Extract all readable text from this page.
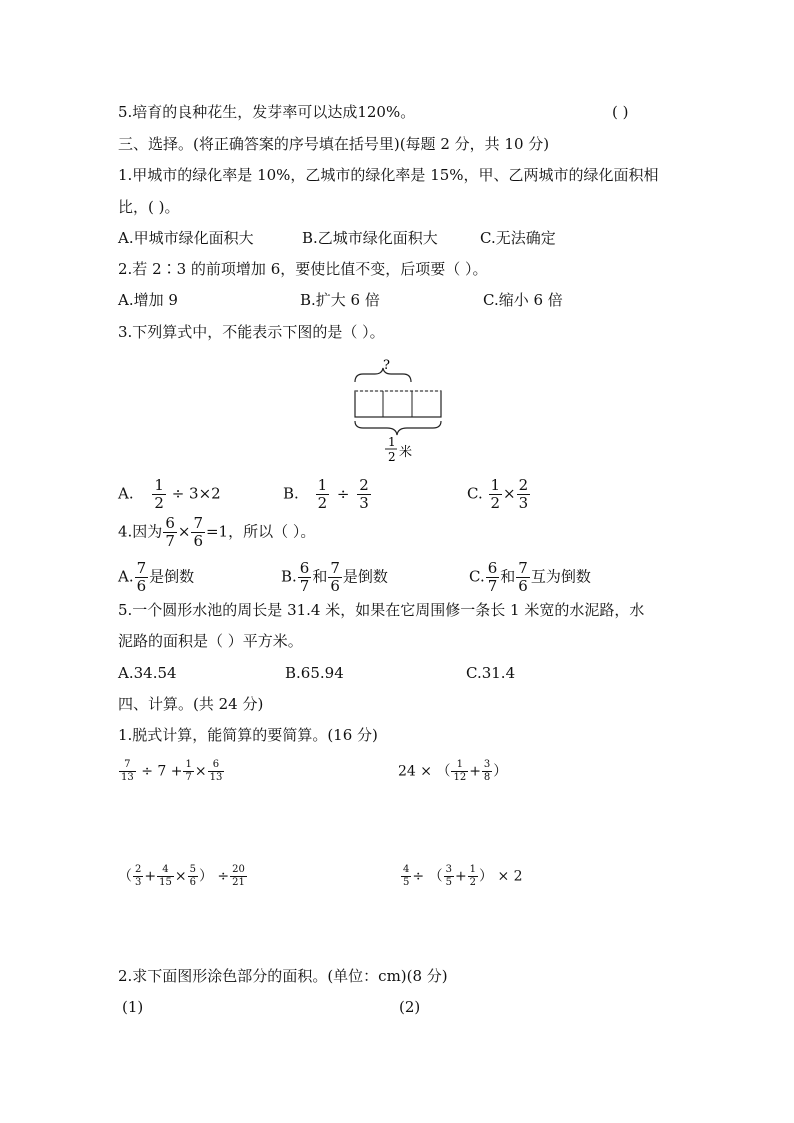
5.培育的良种花生，发芽率可以达成120%。	( )
三、选择。(将正确答案的序号填在括号里)(每题 2 分，共 10 分)
1.甲城市的绿化率是 10%，乙城市的绿化率是 15%，甲、乙两城市的绿化面积相
比，( )。
A.甲城市绿化面积大	B.乙城市绿化面积大	C.无法确定
2.若 2∶3 的前项增加 6，要使比值不变，后项要（ ）。
A.增加 9	B.扩大 6 倍	C.缩小 6 倍
3.下列算式中，不能表示下图的是（ ）。
?
1
2 米
A. $\frac{1}{2} \div 3\times 2$	B. $\frac{1}{2} \div \frac{2}{3}$	C. $\frac{1}{2} \times \frac{2}{3}$
4.因为 $\frac{6}{7} \times \frac{7}{6} =1$，所以（ ）。
A. $\frac{7}{6}$ 是倒数	B. $\frac{6}{7}$ 和 $\frac{7}{6}$ 是倒数	C. $\frac{6}{7}$ 和 $\frac{7}{6}$ 互为倒数
5.一个圆形水池的周长是 31.4 米，如果在它周围修一条长 1 米宽的水泥路，水
泥路的面积是（ ）平方米。
A.34.54	B.65.94	C.31.4
四、计算。(共 24 分)
1.脱式计算，能简算的要简算。(16 分)
$\frac{7}{13} \div 7 + \frac{1}{7} \times \frac{6}{13}$	24 × （ $\frac{1}{12} + \frac{3}{8}$ ）
（ $\frac{2}{3} + \frac{4}{15} \times \frac{5}{6}$ ） ÷ $\frac{20}{21}$	$\frac{4}{5}$ ÷ （ $\frac{3}{5} + \frac{1}{2}$ ） × 2
2.求下面图形涂色部分的面积。(单位：cm)(8 分)
(1)	(2)
